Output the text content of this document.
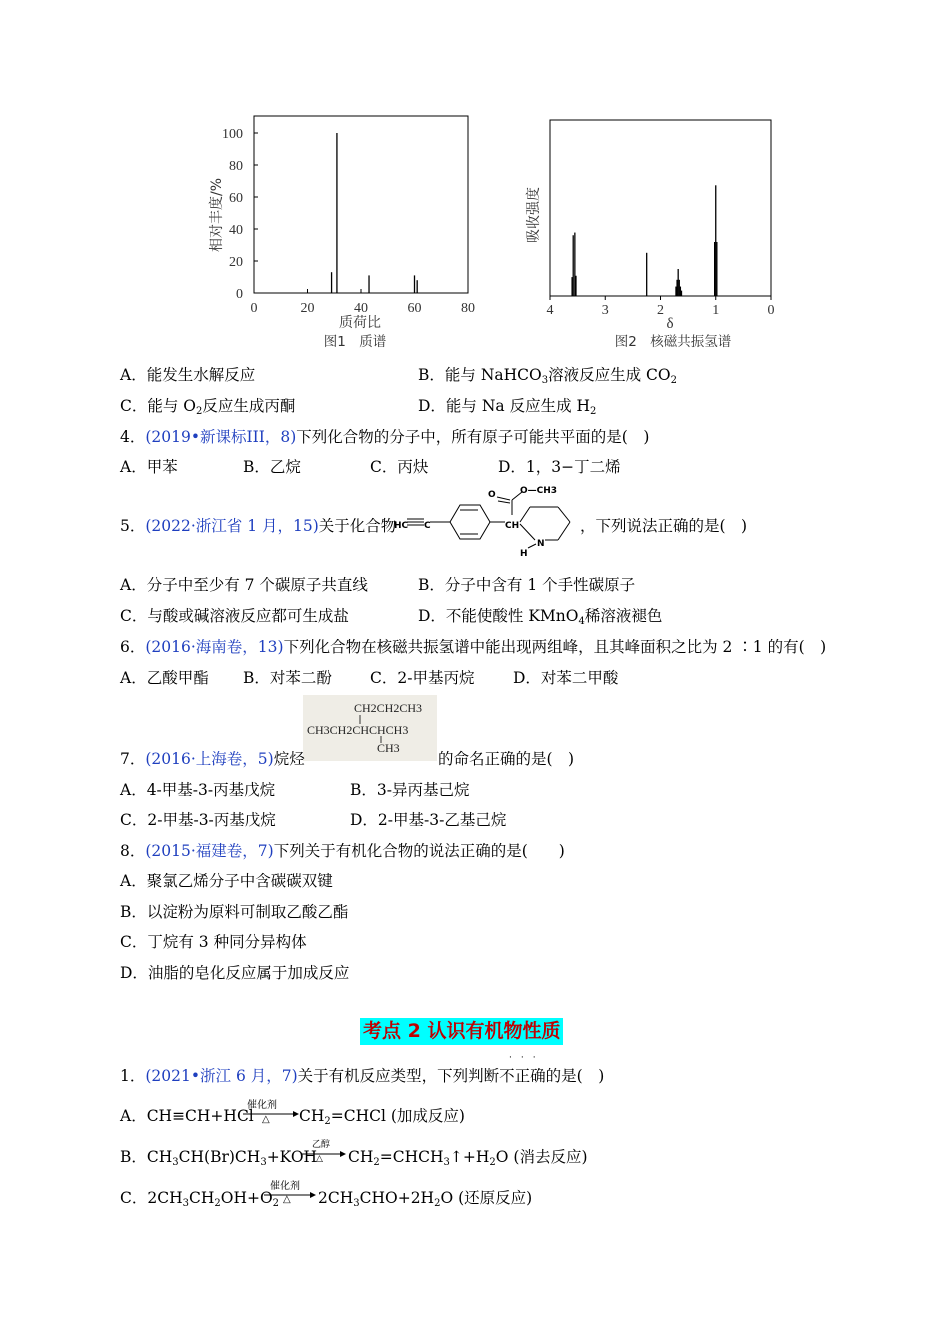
100
80
60
40
20
0
0	20	40	60	80
相对丰度/%
质荷比
图1　质谱
4	3	2	1	0
吸收强度
δ
图2　核磁共振氢谱
A．能发生水解反应	B．能与 NaHCO$_3$溶液反应生成 $CO_2$
C．能与 $O_2$反应生成丙酮	D．能与 Na 反应生成 $H_2$
4．(2019•新课标III，8)下列化合物的分子中，所有原子可能共平面的是(　)
A．甲苯	B．乙烷	C．丙炔	D．1，3−丁二烯
5．(2022·浙江省 1 月，15)关于化合物
O	O—CH3
HC C	CH
N
H
，下列说法正确的是(　)
A．分子中至少有 7 个碳原子共直线	B．分子中含有 1 个手性碳原子
C．与酸或碱溶液反应都可生成盐	D．不能使酸性 KMnO$_4$稀溶液褪色
6．(2016·海南卷，13)下列化合物在核磁共振氢谱中能出现两组峰，且其峰面积之比为 2 ∶1 的有(　)
A．乙酸甲酯 B．对苯二酚 C．2-甲基丙烷 D．对苯二甲酸
CH2CH2CH3
CH3CH2CHCHCH3
CH3
7．(2016·上海卷，5)烷烃	的命名正确的是(　)
A．4-甲基-3-丙基戊烷	B．3-异丙基己烷
C．2-甲基-3-丙基戊烷	D．2-甲基-3-乙基己烷
8．(2015·福建卷，7)下列关于有机化合物的说法正确的是(　　)
A．聚氯乙烯分子中含碳碳双键
B．以淀粉为原料可制取乙酸乙酯
C．丁烷有 3 种同分异构体
D．油脂的皂化反应属于加成反应
考点 2 认识有机物性质
···
1．(2021•浙江 6 月，7)关于有机反应类型，下列判断不正确的是(　)
A．CH≡CH+HCl
催化剂
△ $CH_2=CHCl$ (加成反应)
B．$CH_3CH(Br)CH_3+KOH$
乙醇
△ $CH_2=CHCH_3↑+H_2O$ (消去反应)
C．$2CH_3CH_2OH+O_2$
催化剂
△ $2CH_3CHO+2H_2O$ (还原反应)
